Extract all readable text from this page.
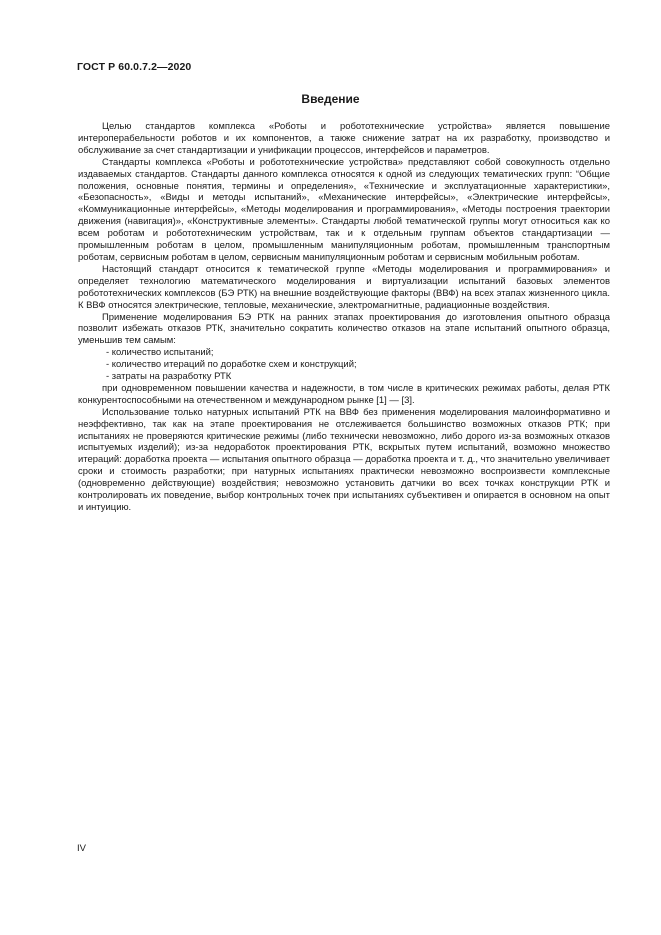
ГОСТ Р 60.0.7.2—2020
Введение

Целью стандартов комплекса «Роботы и робототехнические устройства» является повышение интероперабельности роботов и их компонентов, а также снижение затрат на их разработку, производство и обслуживание за счет стандартизации и унификации процессов, интерфейсов и параметров.

Стандарты комплекса «Роботы и робототехнические устройства» представляют собой совокупность отдельно издаваемых стандартов. Стандарты данного комплекса относятся к одной из следующих тематических групп: “Общие положения, основные понятия, термины и определения», «Технические и эксплуатационные характеристики», «Безопасность», «Виды и методы испытаний», «Механические интерфейсы», «Электрические интерфейсы», «Коммуникационные интерфейсы», «Методы моделирования и программирования», «Методы построения траектории движения (навигация)», «Конструктивные элементы». Стандарты любой тематической группы могут относиться как ко всем роботам и робототехническим устройствам, так и к отдельным группам объектов стандартизации — промышленным роботам в целом, промышленным манипуляционным роботам, промышленным транспортным роботам, сервисным роботам в целом, сервисным манипуляционным роботам и сервисным мобильным роботам.

Настоящий стандарт относится к тематической группе «Методы моделирования и программирования» и определяет технологию математического моделирования и виртуализации испытаний базовых элементов робототехнических комплексов (БЭ РТК) на внешние воздействующие факторы (ВВФ) на всех этапах жизненного цикла. К ВВФ относятся электрические, тепловые, механические, электромагнитные, радиационные воздействия.

Применение моделирования БЭ РТК на ранних этапах проектирования до изготовления опытного образца позволит избежать отказов РТК, значительно сократить количество отказов на этапе испытаний опытного образца, уменьшив тем самым:

- количество испытаний;

- количество итераций по доработке схем и конструкций;

- затраты на разработку РТК

при одновременном повышении качества и надежности, в том числе в критических режимах работы, делая РТК конкурентоспособными на отечественном и международном рынке [1] — [3].

Использование только натурных испытаний РТК на ВВФ без применения моделирования малоинформативно и неэффективно, так как на этапе проектирования не отслеживается большинство возможных отказов РТК; при испытаниях не проверяются критические режимы (либо технически невозможно, либо дорого из-за возможных отказов испытуемых изделий); из-за недоработок проектирования РТК, вскрытых путем испытаний, возможно множество итераций: доработка проекта — испытания опытного образца — доработка проекта и т. д., что значительно увеличивает сроки и стоимость разработки; при натурных испытаниях практически невозможно воспроизвести комплексные (одновременно действующие) воздействия; невозможно установить датчики во всех точках конструкции РТК и контролировать их поведение, выбор контрольных точек при испытаниях субъективен и опирается в основном на опыт и интуицию.

IV
